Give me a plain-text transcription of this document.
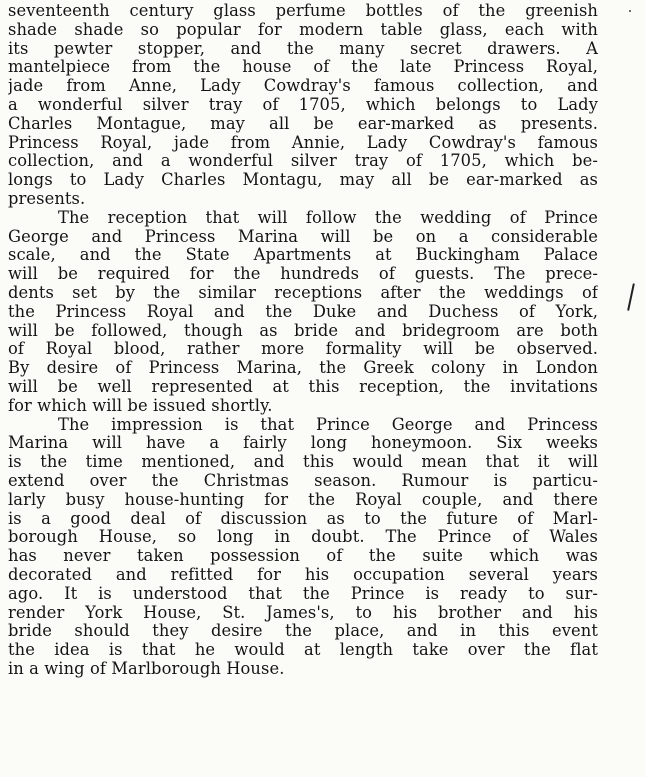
seventeenth century glass perfume bottles of the greenish
shade shade so popular for modern table glass, each with
its pewter stopper, and the many secret drawers. A
mantelpiece from the house of the late Princess Royal,
jade from Anne, Lady Cowdray's famous collection, and
a wonderful silver tray of 1705, which belongs to Lady
Charles Montague, may all be ear-marked as presents.
Princess Royal, jade from Annie, Lady Cowdray's famous
collection, and a wonderful silver tray of 1705, which be-
longs to Lady Charles Montagu, may all be ear-marked as
presents.
The reception that will follow the wedding of Prince
George and Princess Marina will be on a considerable
scale, and the State Apartments at Buckingham Palace
will be required for the hundreds of guests. The prece-
dents set by the similar receptions after the weddings of
the Princess Royal and the Duke and Duchess of York,
will be followed, though as bride and bridegroom are both
of Royal blood, rather more formality will be observed.
By desire of Princess Marina, the Greek colony in London
will be well represented at this reception, the invitations
for which will be issued shortly.
The impression is that Prince George and Princess
Marina will have a fairly long honeymoon. Six weeks
is the time mentioned, and this would mean that it will
extend over the Christmas season. Rumour is particu-
larly busy house-hunting for the Royal couple, and there
is a good deal of discussion as to the future of Marl-
borough House, so long in doubt. The Prince of Wales
has never taken possession of the suite which was
decorated and refitted for his occupation several years
ago. It is understood that the Prince is ready to sur-
render York House, St. James's, to his brother and his
bride should they desire the place, and in this event
the idea is that he would at length take over the flat
in a wing of Marlborough House.
